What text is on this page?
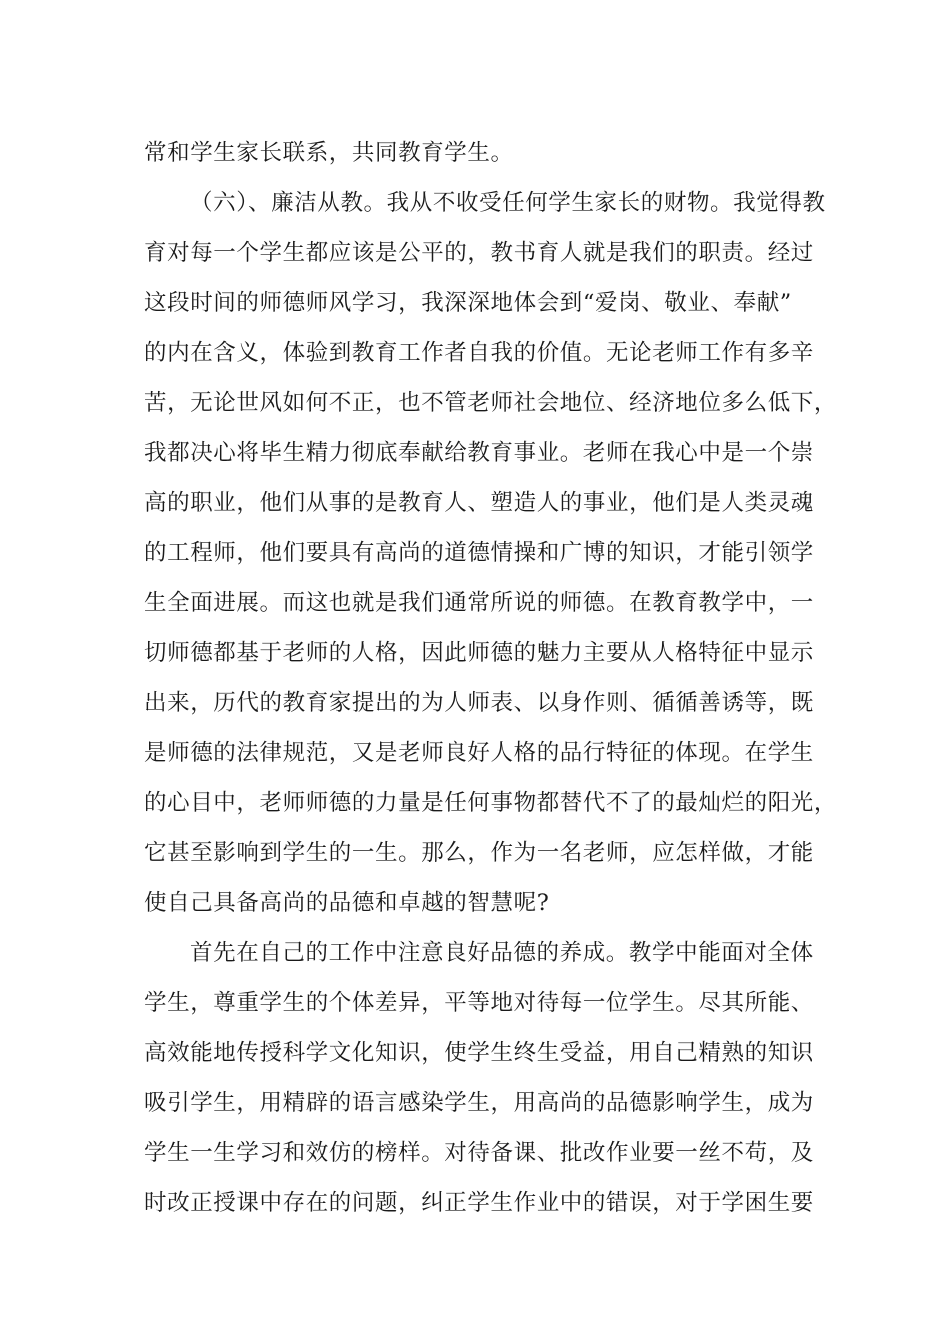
常和学生家长联系，共同教育学生。
（六）、廉洁从教。我从不收受任何学生家长的财物。我觉得教
育对每一个学生都应该是公平的，教书育人就是我们的职责。经过
这段时间的师德师风学习，我深深地体会到“爱岗、敬业、奉献”
的内在含义，体验到教育工作者自我的价值。无论老师工作有多辛
苦，无论世风如何不正，也不管老师社会地位、经济地位多么低下，
我都决心将毕生精力彻底奉献给教育事业。老师在我心中是一个崇
高的职业，他们从事的是教育人、塑造人的事业，他们是人类灵魂
的工程师，他们要具有高尚的道德情操和广博的知识，才能引领学
生全面进展。而这也就是我们通常所说的师德。在教育教学中，一
切师德都基于老师的人格，因此师德的魅力主要从人格特征中显示
出来，历代的教育家提出的为人师表、以身作则、循循善诱等，既
是师德的法律规范，又是老师良好人格的品行特征的体现。在学生
的心目中，老师师德的力量是任何事物都替代不了的最灿烂的阳光，
它甚至影响到学生的一生。那么，作为一名老师，应怎样做，才能
使自己具备高尚的品德和卓越的智慧呢?
首先在自己的工作中注意良好品德的养成。教学中能面对全体
学生，尊重学生的个体差异，平等地对待每一位学生。尽其所能、
高效能地传授科学文化知识，使学生终生受益，用自己精熟的知识
吸引学生，用精辟的语言感染学生，用高尚的品德影响学生，成为
学生一生学习和效仿的榜样。对待备课、批改作业要一丝不苟，及
时改正授课中存在的问题，纠正学生作业中的错误，对于学困生要
